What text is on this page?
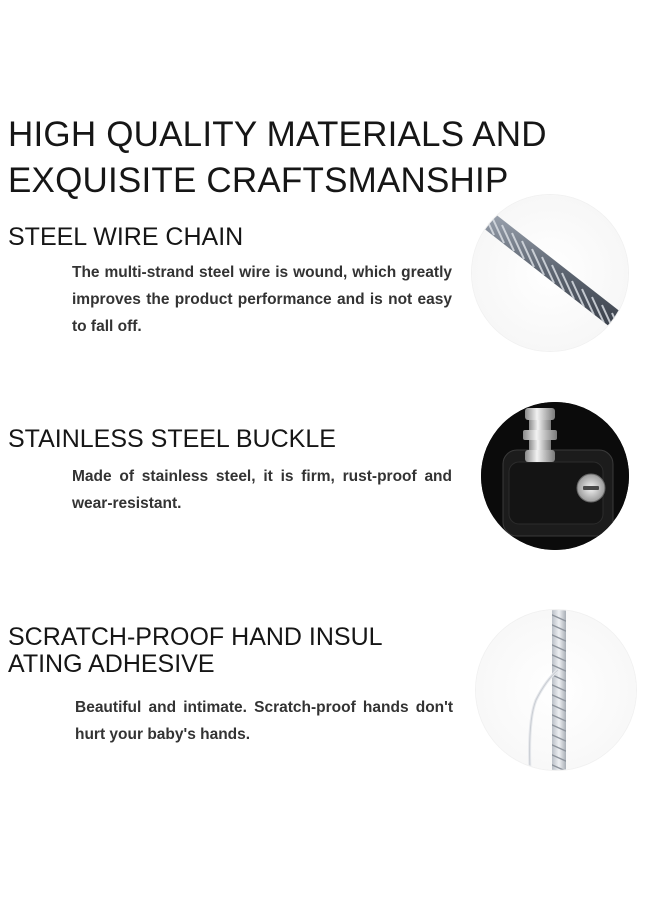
HIGH QUALITY MATERIALS AND
EXQUISITE CRAFTSMANSHIP
STEEL WIRE CHAIN

The multi-strand steel wire is wound, which greatly improves the product performance and is not easy to fall off.

STAINLESS STEEL BUCKLE

Made of stainless steel, it is firm, rust-proof and wear-resistant.

SCRATCH-PROOF HAND INSUL
ATING ADHESIVE

Beautiful and intimate. Scratch-proof hands don't hurt your baby's hands.
